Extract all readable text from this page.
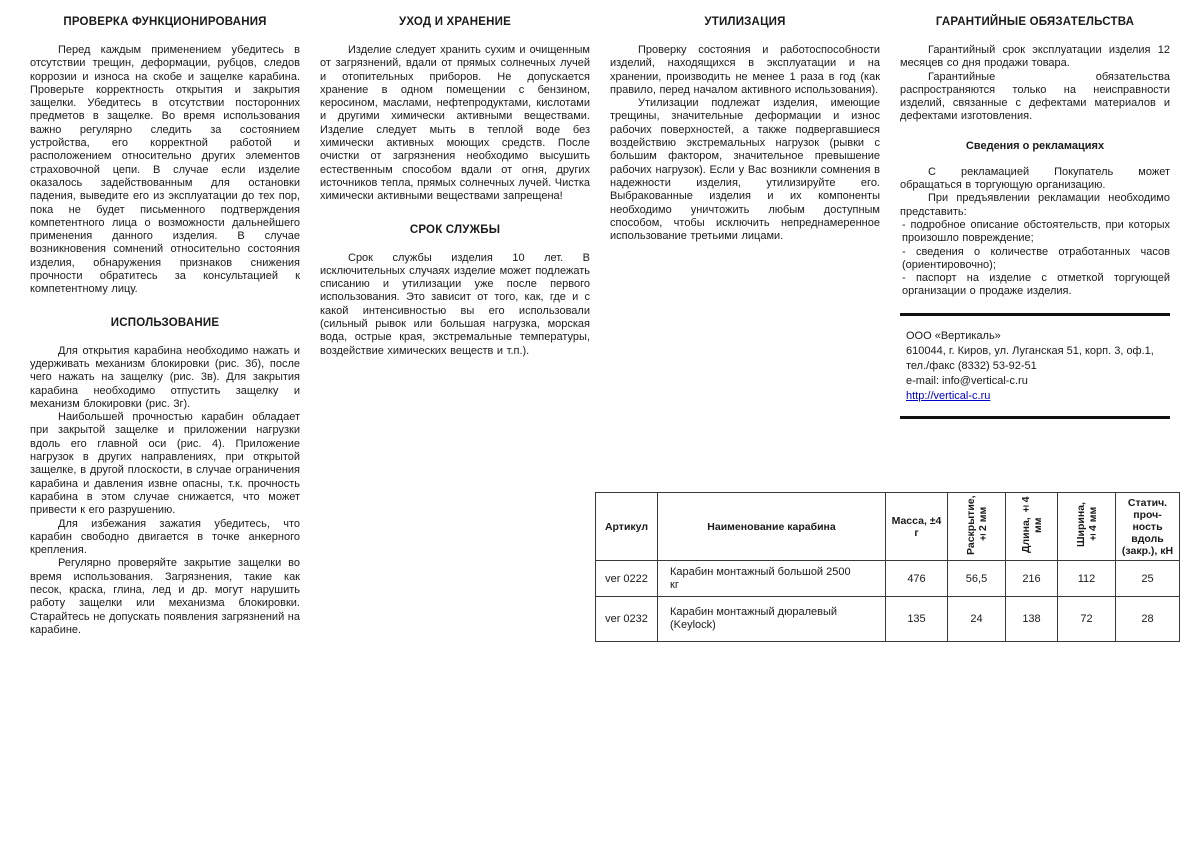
ПРОВЕРКА ФУНКЦИОНИРОВАНИЯ

Перед каждым применением убедитесь в отсутствии трещин, деформации, рубцов, следов коррозии и износа на скобе и защелке карабина. Проверьте корректность открытия и закрытия защелки. Убедитесь в отсутствии посторонних предметов в защелке. Во время использования важно регулярно следить за состоянием устройства, его корректной работой и расположением относительно других элементов страховочной цепи. В случае если изделие оказалось задействованным для остановки падения, выведите его из эксплуатации до тех пор, пока не будет письменного подтверждения компетентного лица о возможности дальнейшего применения данного изделия. В случае возникновения сомнений относительно состояния изделия, обнаружения признаков снижения прочности обратитесь за консультацией к компетентному лицу.

ИСПОЛЬЗОВАНИЕ

Для открытия карабина необходимо нажать и удерживать механизм блокировки (рис. 3б), после чего нажать на защелку (рис. 3в). Для закрытия карабина необходимо отпустить защелку и механизм блокировки (рис. 3г).

Наибольшей прочностью карабин обладает при закрытой защелке и приложении нагрузки вдоль его главной оси (рис. 4). Приложение нагрузок в других направлениях, при открытой защелке, в другой плоскости, в случае ограничения карабина и давления извне опасны, т.к. прочность карабина в этом случае снижается, что может привести к его разрушению.

Для избежания зажатия убедитесь, что карабин свободно двигается в точке анкерного крепления.

Регулярно проверяйте закрытие защелки во время использования. Загрязнения, такие как песок, краска, глина, лед и др. могут нарушить работу защелки или механизма блокировки. Старайтесь не допускать появления загрязнений на карабине.

УХОД И ХРАНЕНИЕ

Изделие следует хранить сухим и очищенным от загрязнений, вдали от прямых солнечных лучей и отопительных приборов. Не допускается хранение в одном помещении с бензином, керосином, маслами, нефтепродуктами, кислотами и другими химически активными веществами. Изделие следует мыть в теплой воде без химически активных моющих средств. После очистки от загрязнения необходимо высушить естественным способом вдали от огня, других источников тепла, прямых солнечных лучей. Чистка химически активными веществами запрещена!

СРОК СЛУЖБЫ

Срок службы изделия 10 лет. В исключительных случаях изделие может подлежать списанию и утилизации уже после первого использования. Это зависит от того, как, где и с какой интенсивностью вы его использовали (сильный рывок или большая нагрузка, морская вода, острые края, экстремальные температуры, воздействие химических веществ и т.п.).

УТИЛИЗАЦИЯ

Проверку состояния и работоспособности изделий, находящихся в эксплуатации и на хранении, производить не менее 1 раза в год (как правило, перед началом активного использования).

Утилизации подлежат изделия, имеющие трещины, значительные деформации и износ рабочих поверхностей, а также подвергавшиеся воздействию экстремальных нагрузок (рывки с большим фактором, значительное превышение рабочих нагрузок). Если у Вас возникли сомнения в надежности изделия, утилизируйте его. Выбракованные изделия и их компоненты необходимо уничтожить любым доступным способом, чтобы исключить непреднамеренное использование третьими лицами.

ГАРАНТИЙНЫЕ ОБЯЗАТЕЛЬСТВА

Гарантийный срок эксплуатации изделия 12 месяцев со дня продажи товара.

Гарантийные обязательства распространяются только на неисправности изделий, связанные с дефектами материалов и дефектами изготовления.

Сведения о рекламациях

С рекламацией Покупатель может обращаться в торгующую организацию.

При предъявлении рекламации необходимо представить:

- подробное описание обстоятельств, при которых произошло повреждение;

- сведения о количестве отработанных часов (ориентировочно);

- паспорт на изделие с отметкой торгующей организации о продаже изделия.

ООО «Вертикаль»
610044, г. Киров, ул. Луганская 51, корп. 3, оф.1,
тел./факс (8332) 53-92-51
e-mail: info@vertical-c.ru
http://vertical-c.ru
Артикул	Наименование карабина	Масса, ±4 г	Раскрытие, ±2 мм	Длина, ±4 мм	Ширина, ±4 мм	Статич. проч- ность вдоль (закр.), кН
ver 0222	Карабин монтажный большой 2500 кг	476	56,5	216	112	25
ver 0232	Карабин монтажный дюралевый (Keylock)	135	24	138	72	28
